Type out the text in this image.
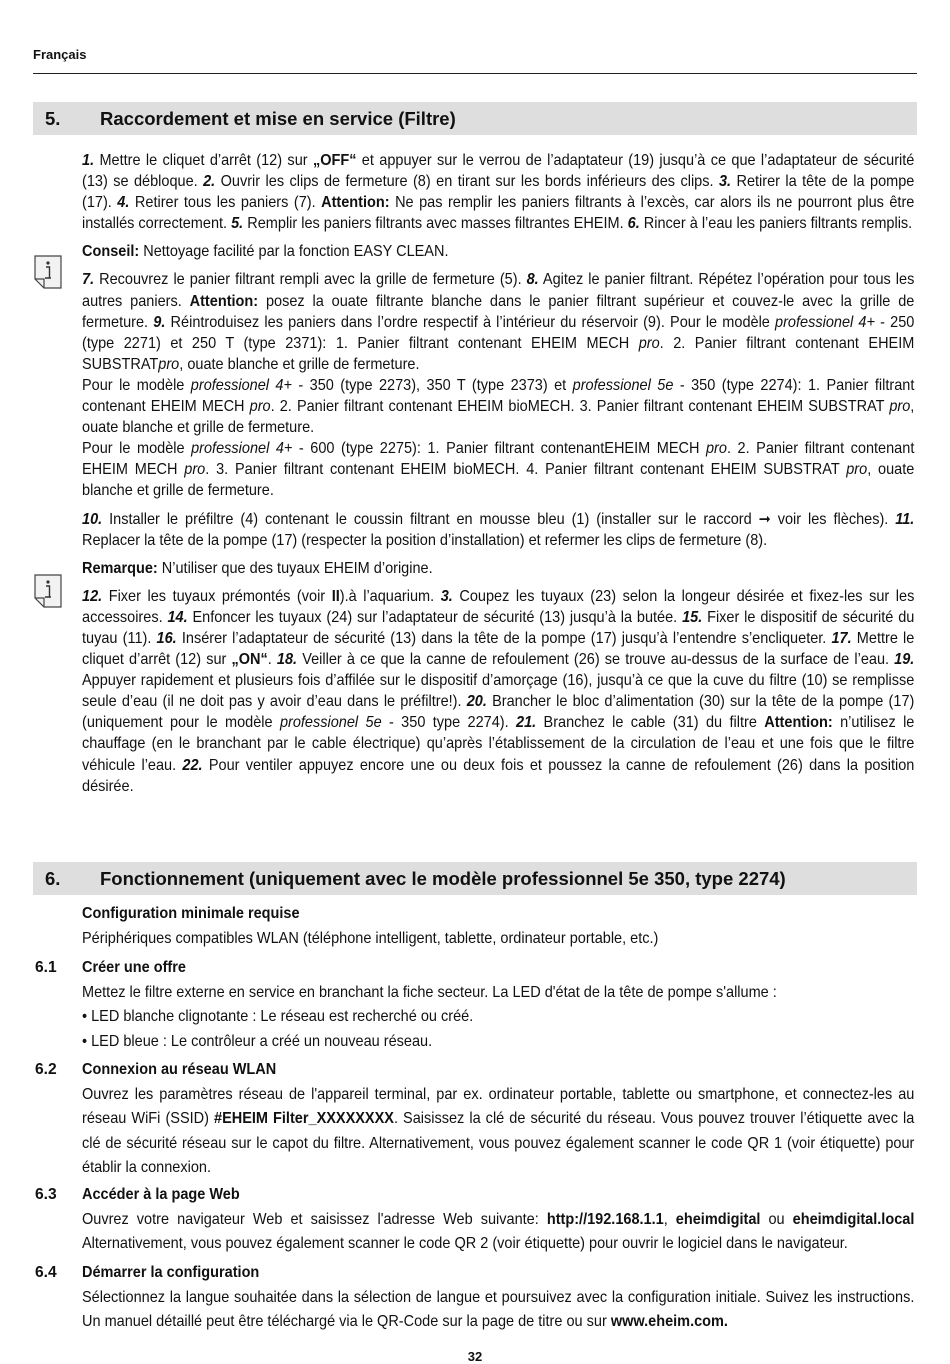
Français
5.	Raccordement et mise en service (Filtre)

1. Mettre le cliquet d’arrêt (12) sur „OFF“ et appuyer sur le verrou de l’adaptateur (19) jusqu’à ce que l’adaptateur de sécurité (13) se débloque. 2. Ouvrir les clips de fermeture (8) en tirant sur les bords inférieurs des clips. 3. Retirer la tête de la pompe (17). 4. Retirer tous les paniers (7). Attention: Ne pas remplir les paniers filtrants à l’excès, car alors ils ne pourront plus être installés correctement. 5. Remplir les paniers filtrants avec masses filtrantes EHEIM. 6. Rincer à l’eau les paniers filtrants remplis.

Conseil: Nettoyage facilité par la fonction EASY CLEAN.

7. Recouvrez le panier filtrant rempli avec la grille de fermeture (5). 8. Agitez le panier filtrant. Répétez l’opération pour tous les autres paniers. Attention: posez la ouate filtrante blanche dans le panier filtrant supérieur et couvez-le avec la grille de fermeture. 9. Réintroduisez les paniers dans l’ordre respectif à l’intérieur du réservoir (9). Pour le modèle professionel 4+ - 250 (type 2271) et 250 T (type 2371): 1. Panier filtrant contenant EHEIM MECH pro. 2. Panier filtrant contenant EHEIM SUBSTRATpro, ouate blanche et grille de fermeture.

Pour le modèle professionel 4+ - 350 (type 2273), 350 T (type 2373) et professionel 5e - 350 (type 2274): 1. Panier filtrant contenant EHEIM MECH pro. 2. Panier filtrant contenant EHEIM bioMECH. 3. Panier filtrant contenant EHEIM SUBSTRAT pro, ouate blanche et grille de fermeture.

Pour le modèle professionel 4+ - 600 (type 2275): 1. Panier filtrant contenantEHEIM MECH pro. 2. Panier filtrant contenant EHEIM MECH pro. 3. Panier filtrant contenant EHEIM bioMECH. 4. Panier filtrant contenant EHEIM SUBSTRAT pro, ouate blanche et grille de fermeture.

10. Installer le préfiltre (4) contenant le coussin filtrant en mousse bleu (1) (installer sur le raccord ➞ voir les flèches). 11. Replacer la tête de la pompe (17) (respecter la position d’installation) et refermer les clips de fermeture (8).

Remarque: N’utiliser que des tuyaux EHEIM d’origine.

12. Fixer les tuyaux prémontés (voir II).à l’aquarium. 3. Coupez les tuyaux (23) selon la longeur désirée et fixez-les sur les accessoires. 14. Enfoncer les tuyaux (24) sur l’adaptateur de sécurité (13) jusqu’à la butée. 15. Fixer le dispositif de sécurité du tuyau (11). 16. Insérer l’adaptateur de sécurité (13) dans la tête de la pompe (17) jusqu’à l’entendre s’encliqueter. 17. Mettre le cliquet d’arrêt (12) sur „ON“. 18. Veiller à ce que la canne de refoulement (26) se trouve au-dessus de la surface de l’eau. 19. Appuyer rapidement et plusieurs fois d’affilée sur le dispositif d’amorçage (16), jusqu’à ce que la cuve du filtre (10) se remplisse seule d’eau (il ne doit pas y avoir d’eau dans le préfiltre!). 20. Brancher le bloc d’alimentation (30) sur la tête de la pompe (17) (uniquement pour le modèle professionel 5e - 350 type 2274). 21. Branchez le cable (31) du filtre Attention: n’utilisez le chauffage (en le branchant par le cable électrique) qu’après l’établissement de la circulation de l’eau et une fois que le filtre véhicule l’eau. 22. Pour ventiler appuyez encore une ou deux fois et poussez la canne de refoulement (26) dans la position désirée.

6.	Fonctionnement (uniquement avec le modèle professionnel 5e 350, type 2274)

Configuration minimale requise

Périphériques compatibles WLAN (téléphone intelligent, tablette, ordinateur portable, etc.)

6.1 Créer une offre

Mettez le filtre externe en service en branchant la fiche secteur. La LED d'état de la tête de pompe s'allume :

• LED blanche clignotante : Le réseau est recherché ou créé.

• LED bleue : Le contrôleur a créé un nouveau réseau.

6.2 Connexion au réseau WLAN

Ouvrez les paramètres réseau de l'appareil terminal, par ex. ordinateur portable, tablette ou smartphone, et connectez-les au réseau WiFi (SSID) #EHEIM Filter_XXXXXXXX. Saisissez la clé de sécurité du réseau. Vous pouvez trouver l’étiquette avec la clé de sécurité réseau sur le capot du filtre. Alternativement, vous pouvez également scanner le code QR 1 (voir étiquette) pour établir la connexion.

6.3 Accéder à la page Web

Ouvrez votre navigateur Web et saisissez l'adresse Web suivante: http://192.168.1.1, eheimdigital ou eheimdigital.local Alternativement, vous pouvez également scanner le code QR 2 (voir étiquette) pour ouvrir le logiciel dans le navigateur.

6.4 Démarrer la configuration

Sélectionnez la langue souhaitée dans la sélection de langue et poursuivez avec la configuration initiale. Suivez les instructions. Un manuel détaillé peut être téléchargé via le QR-Code sur la page de titre ou sur www.eheim.com.

32
